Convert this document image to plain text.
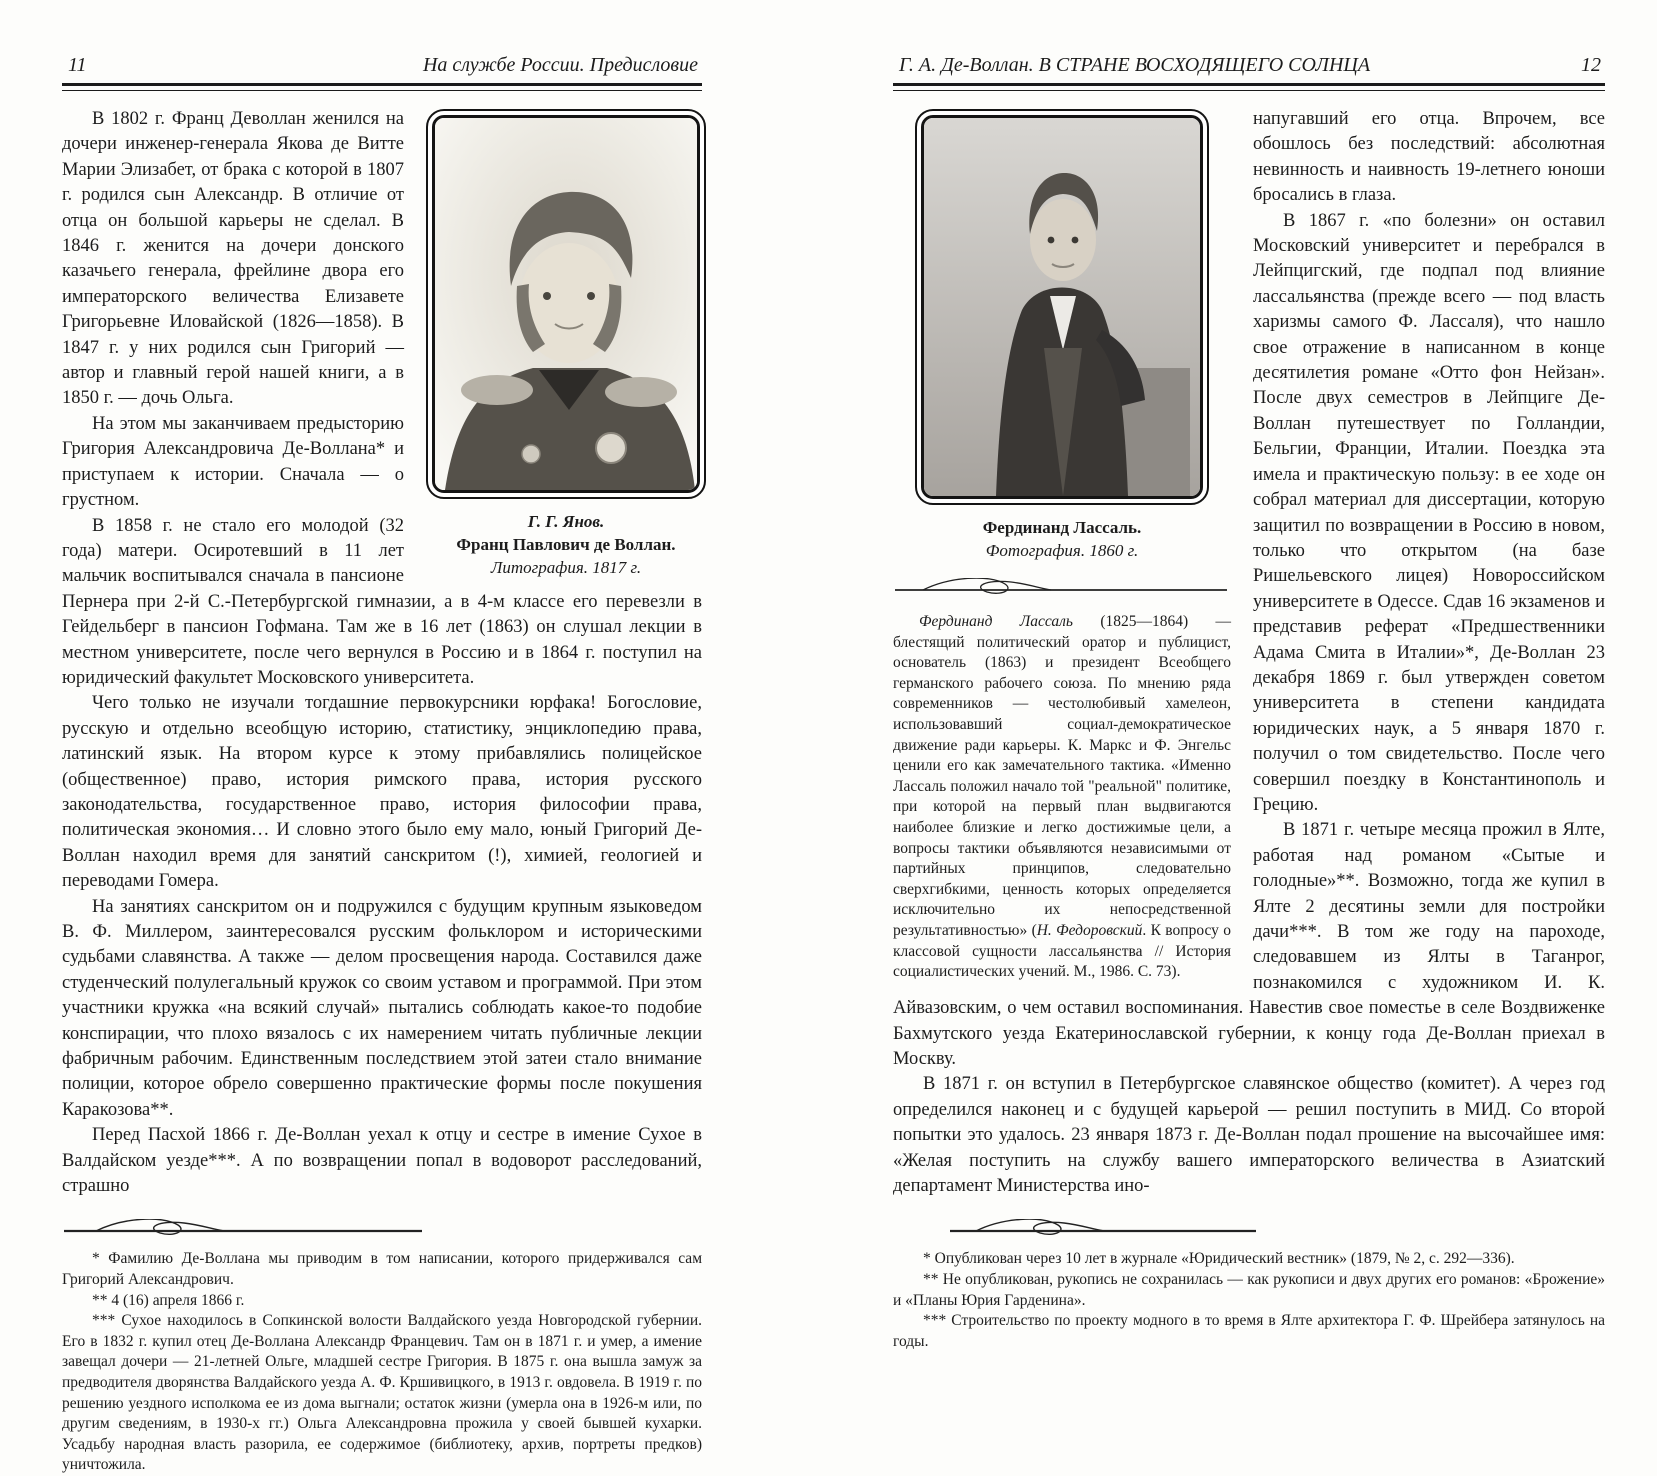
11	На службе России. Предисловие
Г. Г. Янов.
Франц Павлович де Воллан.
Литография. 1817 г.

В 1802 г. Франц Деволлан женился на дочери инженер-генерала Якова де Витте Марии Элизабет, от брака с которой в 1807 г. родился сын Александр. В отличие от отца он большой карьеры не сделал. В 1846 г. женится на дочери донского казачьего генерала, фрейлине двора его императорского величества Елизавете Григорьевне Иловайской (1826—1858). В 1847 г. у них родился сын Григорий — автор и главный герой нашей книги, а в 1850 г. — дочь Ольга.

На этом мы заканчиваем предысторию Григория Александровича Де-Воллана* и приступаем к истории. Сначала — о грустном.

В 1858 г. не стало его молодой (32 года) матери. Осиротевший в 11 лет мальчик воспитывался сначала в пансионе Пернера при 2-й С.-Петербургской гимназии, а в 4-м классе его перевезли в Гейдельберг в пансион Гофмана. Там же в 16 лет (1863) он слушал лекции в местном университете, после чего вернулся в Россию и в 1864 г. поступил на юридический факультет Московского университета.

Чего только не изучали тогдашние первокурсники юрфака! Богословие, русскую и отдельно всеобщую историю, статистику, энциклопедию права, латинский язык. На втором курсе к этому прибавлялись полицейское (общественное) право, история римского права, история русского законодательства, государственное право, история философии права, политическая экономия… И словно этого было ему мало, юный Григорий Де-Воллан находил время для занятий санскритом (!), химией, геологией и переводами Гомера.

На занятиях санскритом он и подружился с будущим крупным языковедом В. Ф. Миллером, заинтересовался русским фольклором и историческими судьбами славянства. А также — делом просвещения народа. Составился даже студенческий полулегальный кружок со своим уставом и программой. При этом участники кружка «на всякий случай» пытались соблюдать какое-то подобие конспирации, что плохо вязалось с их намерением читать публичные лекции фабричным рабочим. Единственным последствием этой затеи стало внимание полиции, которое обрело совершенно практические формы после покушения Каракозова**.

Перед Пасхой 1866 г. Де-Воллан уехал к отцу и сестре в имение Сухое в Валдайском уезде***. А по возвращении попал в водоворот расследований, страшно

* Фамилию Де-Воллана мы приводим в том написании, которого придерживался сам Григорий Александрович.

** 4 (16) апреля 1866 г.

*** Сухое находилось в Сопкинской волости Валдайского уезда Новгородской губернии. Его в 1832 г. купил отец Де-Воллана Александр Францевич. Там он в 1871 г. и умер, а имение завещал дочери — 21-летней Ольге, младшей сестре Григория. В 1875 г. она вышла замуж за предводителя дворянства Валдайского уезда А. Ф. Кршивицкого, в 1913 г. овдовела. В 1919 г. по решению уездного исполкома ее из дома выгнали; остаток жизни (умерла она в 1926-м или, по другим сведениям, в 1930-х гг.) Ольга Александровна прожила у своей бывшей кухарки. Усадьбу народная власть разорила, ее содержимое (библиотеку, архив, портреты предков) уничтожила.

Г. А. Де-Воллан. В СТРАНЕ ВОСХОДЯЩЕГО СОЛНЦА	12
Фердинанд Лассаль.
Фотография. 1860 г.

Фердинанд Лассаль (1825—1864) — блестящий политический оратор и публицист, основатель (1863) и президент Всеобщего германского рабочего союза. По мнению ряда современников — честолюбивый хамелеон, использовавший социал-демократическое движение ради карьеры. К. Маркс и Ф. Энгельс ценили его как замечательного тактика. «Именно Лассаль положил начало той "реальной" политике, при которой на первый план выдвигаются наиболее близкие и легко достижимые цели, а вопросы тактики объявляются независимыми от партийных принципов, следовательно сверхгибкими, ценность которых определяется исключительно их непосредственной результативностью» (Н. Федоровский. К вопросу о классовой сущности лассальянства // История социалистических учений. М., 1986. С. 73).

напугавший его отца. Впрочем, все обошлось без последствий: абсолютная невинность и наивность 19-летнего юноши бросались в глаза.

В 1867 г. «по болезни» он оставил Московский университет и перебрался в Лейпцигский, где подпал под влияние лассальянства (прежде всего — под власть харизмы самого Ф. Лассаля), что нашло свое отражение в написанном в конце десятилетия романе «Отто фон Нейзан». После двух семестров в Лейпциге Де-Воллан путешествует по Голландии, Бельгии, Франции, Италии. Поездка эта имела и практическую пользу: в ее ходе он собрал материал для диссертации, которую защитил по возвращении в Россию в новом, только что открытом (на базе Ришельевского лицея) Новороссийском университете в Одессе. Сдав 16 экзаменов и представив реферат «Предшественники Адама Смита в Италии»*, Де-Воллан 23 декабря 1869 г. был утвержден советом университета в степени кандидата юридических наук, а 5 января 1870 г. получил о том свидетельство. После чего совершил поездку в Константинополь и Грецию.

В 1871 г. четыре месяца прожил в Ялте, работая над романом «Сытые и голодные»**. Возможно, тогда же купил в Ялте 2 десятины земли для постройки дачи***. В том же году на пароходе, следовавшем из Ялты в Таганрог, познакомился с художником И. К. Айвазовским, о чем оставил воспоминания. Навестив свое поместье в селе Воздвиженке Бахмутского уезда Екатеринославской губернии, к концу года Де-Воллан приехал в Москву.

В 1871 г. он вступил в Петербургское славянское общество (комитет). А через год определился наконец и с будущей карьерой — решил поступить в МИД. Со второй попытки это удалось. 23 января 1873 г. Де-Воллан подал прошение на высочайшее имя: «Желая поступить на службу вашего императорского величества в Азиатский департамент Министерства ино-

* Опубликован через 10 лет в журнале «Юридический вестник» (1879, № 2, с. 292—336).

** Не опубликован, рукопись не сохранилась — как рукописи и двух других его романов: «Брожение» и «Планы Юрия Гарденина».

*** Строительство по проекту модного в то время в Ялте архитектора Г. Ф. Шрейбера затянулось на годы.
